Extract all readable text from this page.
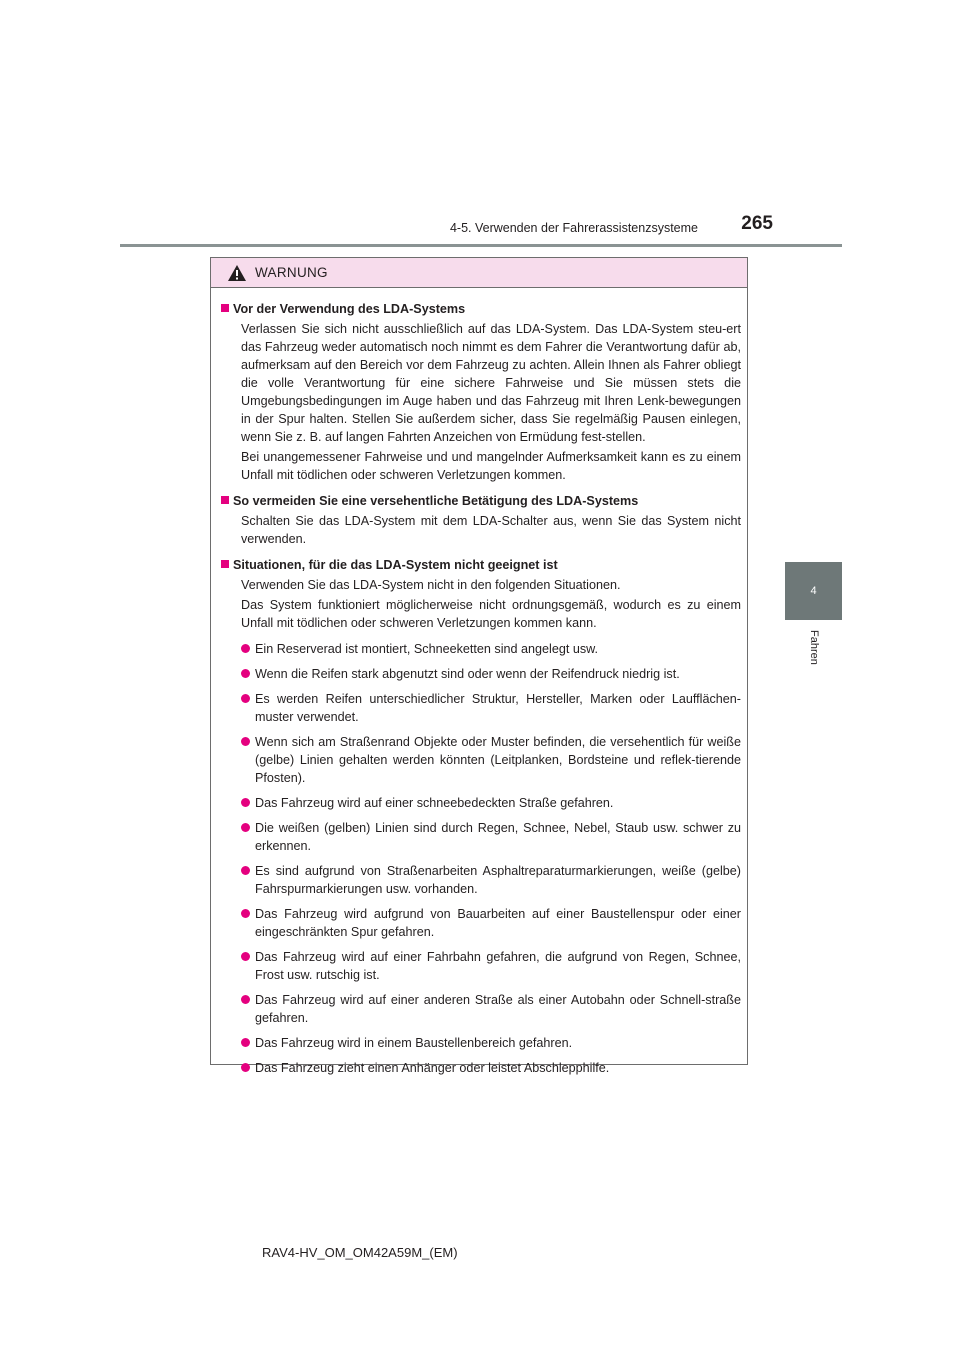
4-5. Verwenden der Fahrerassistenzsysteme 265
4
Fahren
WARNUNG
Vor der Verwendung des LDA-Systems
Verlassen Sie sich nicht ausschließlich auf das LDA-System. Das LDA-System steu-ert das Fahrzeug weder automatisch noch nimmt es dem Fahrer die Verantwortung dafür ab, aufmerksam auf den Bereich vor dem Fahrzeug zu achten. Allein Ihnen als Fahrer obliegt die volle Verantwortung für eine sichere Fahrweise und Sie müssen stets die Umgebungsbedingungen im Auge haben und das Fahrzeug mit Ihren Lenk-bewegungen in der Spur halten. Stellen Sie außerdem sicher, dass Sie regelmäßig Pausen einlegen, wenn Sie z. B. auf langen Fahrten Anzeichen von Ermüdung fest-stellen.
Bei unangemessener Fahrweise und und mangelnder Aufmerksamkeit kann es zu einem Unfall mit tödlichen oder schweren Verletzungen kommen.
So vermeiden Sie eine versehentliche Betätigung des LDA-Systems
Schalten Sie das LDA-System mit dem LDA-Schalter aus, wenn Sie das System nicht verwenden.
Situationen, für die das LDA-System nicht geeignet ist
Verwenden Sie das LDA-System nicht in den folgenden Situationen.
Das System funktioniert möglicherweise nicht ordnungsgemäß, wodurch es zu einem Unfall mit tödlichen oder schweren Verletzungen kommen kann.
Ein Reserverad ist montiert, Schneeketten sind angelegt usw.
Wenn die Reifen stark abgenutzt sind oder wenn der Reifendruck niedrig ist.
Es werden Reifen unterschiedlicher Struktur, Hersteller, Marken oder Laufflächen-muster verwendet.
Wenn sich am Straßenrand Objekte oder Muster befinden, die versehentlich für weiße (gelbe) Linien gehalten werden könnten (Leitplanken, Bordsteine und reflek-tierende Pfosten).
Das Fahrzeug wird auf einer schneebedeckten Straße gefahren.
Die weißen (gelben) Linien sind durch Regen, Schnee, Nebel, Staub usw. schwer zu erkennen.
Es sind aufgrund von Straßenarbeiten Asphaltreparaturmarkierungen, weiße (gelbe) Fahrspurmarkierungen usw. vorhanden.
Das Fahrzeug wird aufgrund von Bauarbeiten auf einer Baustellenspur oder einer eingeschränkten Spur gefahren.
Das Fahrzeug wird auf einer Fahrbahn gefahren, die aufgrund von Regen, Schnee, Frost usw. rutschig ist.
Das Fahrzeug wird auf einer anderen Straße als einer Autobahn oder Schnell-straße gefahren.
Das Fahrzeug wird in einem Baustellenbereich gefahren.
Das Fahrzeug zieht einen Anhänger oder leistet Abschlepphilfe.
RAV4-HV_OM_OM42A59M_(EM)
